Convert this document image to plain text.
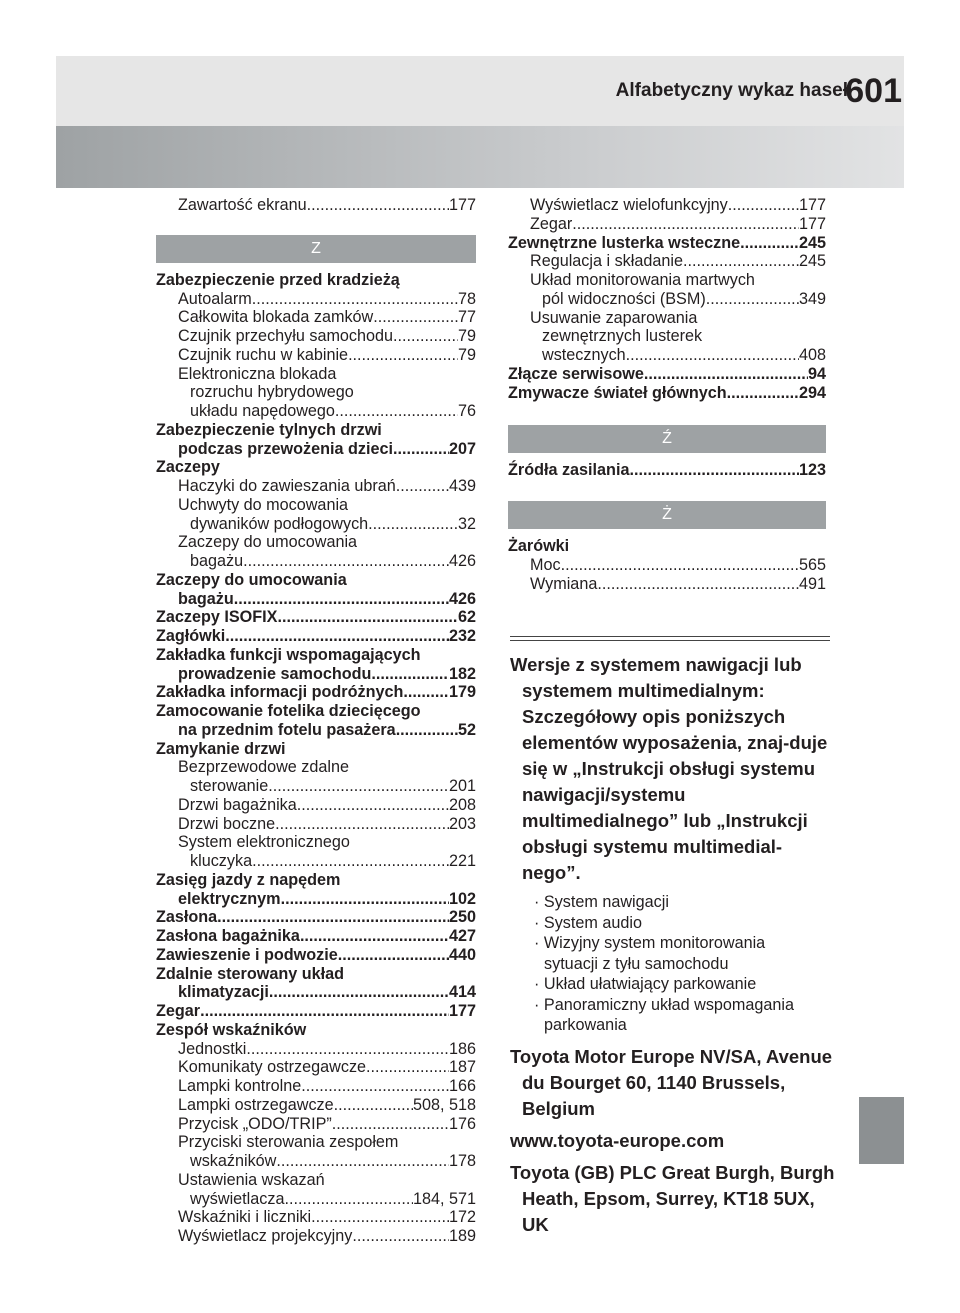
Alfabetyczny wykaz haseł
601
Zawartość ekranu .....	177
Z
Zabezpieczenie przed kradzieżą
Autoalarm .....	78
Całkowita blokada zamków .....	77
Czujnik przechyłu samochodu .....	79
Czujnik ruchu w kabinie .....	79
Elektroniczna blokada
rozruchu hybrydowego
układu napędowego .....	76
Zabezpieczenie tylnych drzwi
podczas przewożenia dzieci .....	207
Zaczepy
Haczyki do zawieszania ubrań .....	439
Uchwyty do mocowania
dywaników podłogowych .....	32
Zaczepy do umocowania
bagażu .....	426
Zaczepy do umocowania
bagażu .....	426
Zaczepy ISOFIX .....	62
Zagłówki .....	232
Zakładka funkcji wspomagających
prowadzenie samochodu .....	182
Zakładka informacji podróżnych .....	179
Zamocowanie fotelika dziecięcego
na przednim fotelu pasażera .....	52
Zamykanie drzwi
Bezprzewodowe zdalne
sterowanie .....	201
Drzwi bagażnika .....	208
Drzwi boczne .....	203
System elektronicznego
kluczyka .....	221
Zasięg jazdy z napędem
elektrycznym .....	102
Zasłona .....	250
Zasłona bagażnika .....	427
Zawieszenie i podwozie .....	440
Zdalnie sterowany układ
klimatyzacji .....	414
Zegar .....	177
Zespół wskaźników
Jednostki .....	186
Komunikaty ostrzegawcze .....	187
Lampki kontrolne .....	166
Lampki ostrzegawcze .....	508, 518
Przycisk „ODO/TRIP” .....	176
Przyciski sterowania zespołem
wskaźników .....	178
Ustawienia wskazań
wyświetlacza .....	184, 571
Wskaźniki i liczniki .....	172
Wyświetlacz projekcyjny .....	189
Wyświetlacz wielofunkcyjny .....	177
Zegar .....	177
Zewnętrzne lusterka wsteczne .....	245
Regulacja i składanie .....	245
Układ monitorowania martwych
pól widoczności (BSM) .....	349
Usuwanie zaparowania
zewnętrznych lusterek
wstecznych .....	408
Złącze serwisowe .....	94
Zmywacze świateł głównych .....	294
Ź
Źródła zasilania .....	123
Ż
Żarówki
Moc .....	565
Wymiana .....	491
Wersje z systemem nawigacji lub systemem multimedialnym: Szczegółowy opis poniższych elementów wyposażenia, znaj-duje się w „Instrukcji obsługi systemu nawigacji/systemu multimedialnego” lub „Instrukcji obsługi systemu multimedial-nego”.
· System nawigacji
· System audio
· Wizyjny system monitorowania
sytuacji z tyłu samochodu
· Układ ułatwiający parkowanie
· Panoramiczny układ wspomagania
parkowania
Toyota Motor Europe NV/SA, Avenue du Bourget 60, 1140 Brussels, Belgium
www.toyota-europe.com
Toyota (GB) PLC Great Burgh, Burgh Heath, Epsom, Surrey, KT18 5UX, UK
